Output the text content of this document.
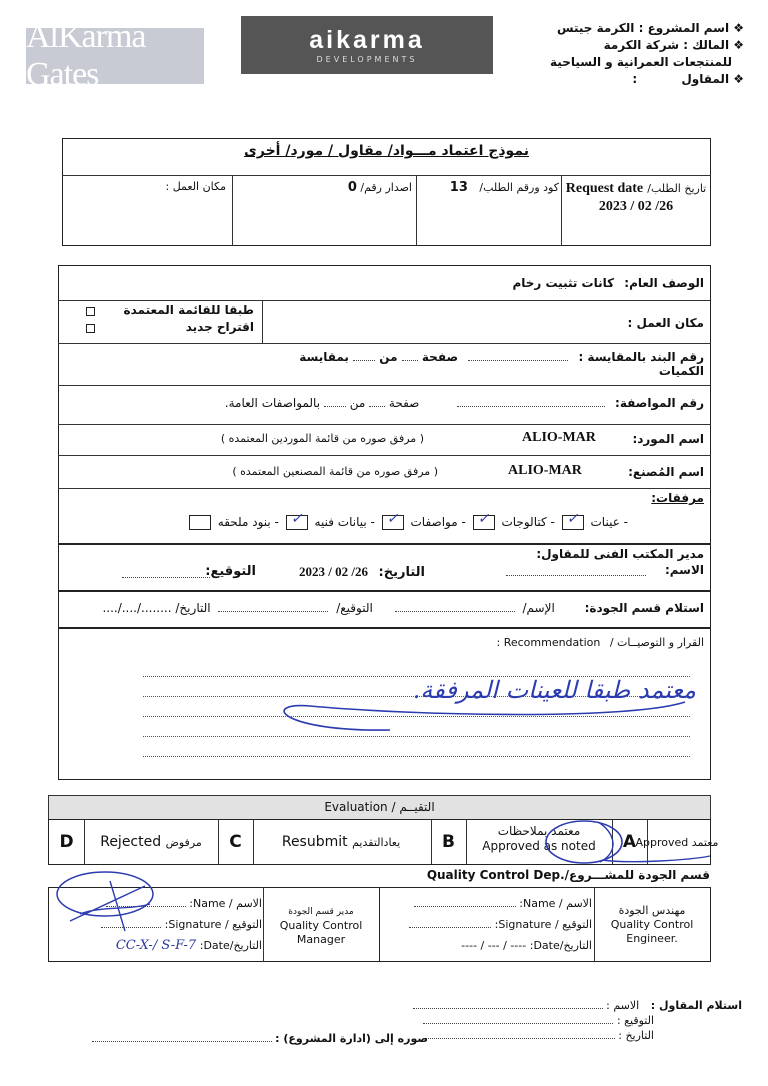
AlKarma Gates
aikarma
DEVELOPMENTS
❖ اسم المشروع : الكرمة جيتس
❖ المالك : شركة الكرمة
للمنتجعات العمرانية و السياحية
❖ المقاول :
نموذج اعتماد مـــواد/ مقاول / مورد/ أخرى
تاريخ الطلب/ Request date
2023 / 02 /26
كود ورقم الطلب/ 13
اصدار رقم/ 0
مكان العمل :
الوصف العام: كانات تثبيت رخام
مكان العمل :
طبقا للقائمة المعتمدة
اقتراح جديد
رقم البند بالمقايسة :  صفحة  من  بمقايسة الكميات
رقم المواصفة:  صفحة  من  بالمواصفات العامة.
اسم المورد:
ALIO-MAR
( مرفق صوره من قائمة الموردين المعتمده )
اسم المُصنع:
ALIO-MAR
( مرفق صوره من قائمة المصنعين المعتمده )
مرفقات:
- عينات
✓
- كتالوجات
✓
- مواصفات
✓
- بيانات فنيه
✓
- بنود ملحقه
مدير المكتب الفنى للمقاول:
الاسم:
التاريخ: 2023 / 02 /26
التوقيع:
استلام قسم الجودة: الإسم/  التوقيع/  التاريخ/ ..../..../........
القرار و التوصيــات / Recommendation :
معتمد طبقا للعينات المرفقة.
Evaluation / التقيــم
معتمد

Approved
A
معتمد بملاحظات
Approved as noted
B
يعادالتقديم

Resubmit
C
مرفوض

Rejected
D
قسم الجودة للمشـــروع/.Quality Control Dep
مهندس الجودة
Quality Control Engineer.
الاسم / Name:
التوقيع / Signature:
التاريخ/Date: ---- / --- / ----
مدير قسم الجودة
Quality Control Manager
الاسم / Name:
التوقيع / Signature:
التاريخ/Date: CC-X-/ S-F-7
استلام المقاول : الاسم :
التوقيع :
التاريخ :
صوره إلى (ادارة المشروع) :
